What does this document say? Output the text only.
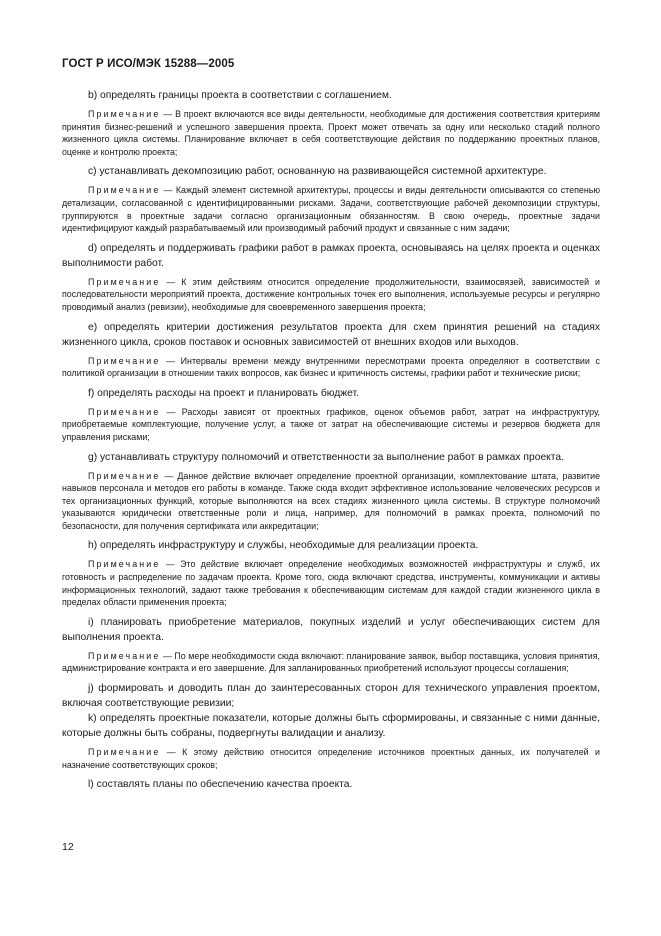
ГОСТ Р ИСО/МЭК 15288—2005

b) определять границы проекта в соответствии с соглашением.

Примечание — В проект включаются все виды деятельности, необходимые для достижения соответствия критериям принятия бизнес-решений и успешного завершения проекта. Проект может отвечать за одну или несколько стадий полного жизненного цикла системы. Планирование включает в себя соответствующие действия по поддержанию проектных планов, оценке и контролю проекта;

c) устанавливать декомпозицию работ, основанную на развивающейся системной архитектуре.

Примечание — Каждый элемент системной архитектуры, процессы и виды деятельности описываются со степенью детализации, согласованной с идентифицированными рисками. Задачи, соответствующие рабочей декомпозиции структуры, группируются в проектные задачи согласно организационным обязанностям. В свою очередь, проектные задачи идентифицируют каждый разрабатываемый или производимый рабочий продукт и связанные с ним задачи;

d) определять и поддерживать графики работ в рамках проекта, основываясь на целях проекта и оценках выполнимости работ.

Примечание — К этим действиям относится определение продолжительности, взаимосвязей, зависимостей и последовательности мероприятий проекта, достижение контрольных точек его выполнения, используемые ресурсы и регулярно проводимый анализ (ревизии), необходимые для своевременного завершения проекта;

e) определять критерии достижения результатов проекта для схем принятия решений на стадиях жизненного цикла, сроков поставок и основных зависимостей от внешних входов или выходов.

Примечание — Интервалы времени между внутренними пересмотрами проекта определяют в соответствии с политикой организации в отношении таких вопросов, как бизнес и критичность системы, графики работ и технические риски;

f) определять расходы на проект и планировать бюджет.

Примечание — Расходы зависят от проектных графиков, оценок объемов работ, затрат на инфраструктуру, приобретаемые комплектующие, получение услуг, а также от затрат на обеспечивающие системы и резервов бюджета для управления рисками;

g) устанавливать структуру полномочий и ответственности за выполнение работ в рамках проекта.

Примечание — Данное действие включает определение проектной организации, комплектование штата, развитие навыков персонала и методов его работы в команде. Также сюда входит эффективное использование человеческих ресурсов и тех организационных функций, которые выполняются на всех стадиях жизненного цикла системы. В структуре полномочий указываются юридически ответственные роли и лица, например, для полномочий в рамках проекта, полномочий по безопасности, для получения сертификата или аккредитации;

h) определять инфраструктуру и службы, необходимые для реализации проекта.

Примечание — Это действие включает определение необходимых возможностей инфраструктуры и служб, их готовность и распределение по задачам проекта. Кроме того, сюда включают средства, инструменты, коммуникации и активы информационных технологий, задают также требования к обеспечивающим системам для каждой стадии жизненного цикла в пределах области применения проекта;

i) планировать приобретение материалов, покупных изделий и услуг обеспечивающих систем для выполнения проекта.

Примечание — По мере необходимости сюда включают: планирование заявок, выбор поставщика, условия принятия, администрирование контракта и его завершение. Для запланированных приобретений используют процессы соглашения;

j) формировать и доводить план до заинтересованных сторон для технического управления проектом, включая соответствующие ревизии;

k) определять проектные показатели, которые должны быть сформированы, и связанные с ними данные, которые должны быть собраны, подвергнуты валидации и анализу.

Примечание — К этому действию относится определение источников проектных данных, их получателей и назначение соответствующих сроков;

l) составлять планы по обеспечению качества проекта.

12
